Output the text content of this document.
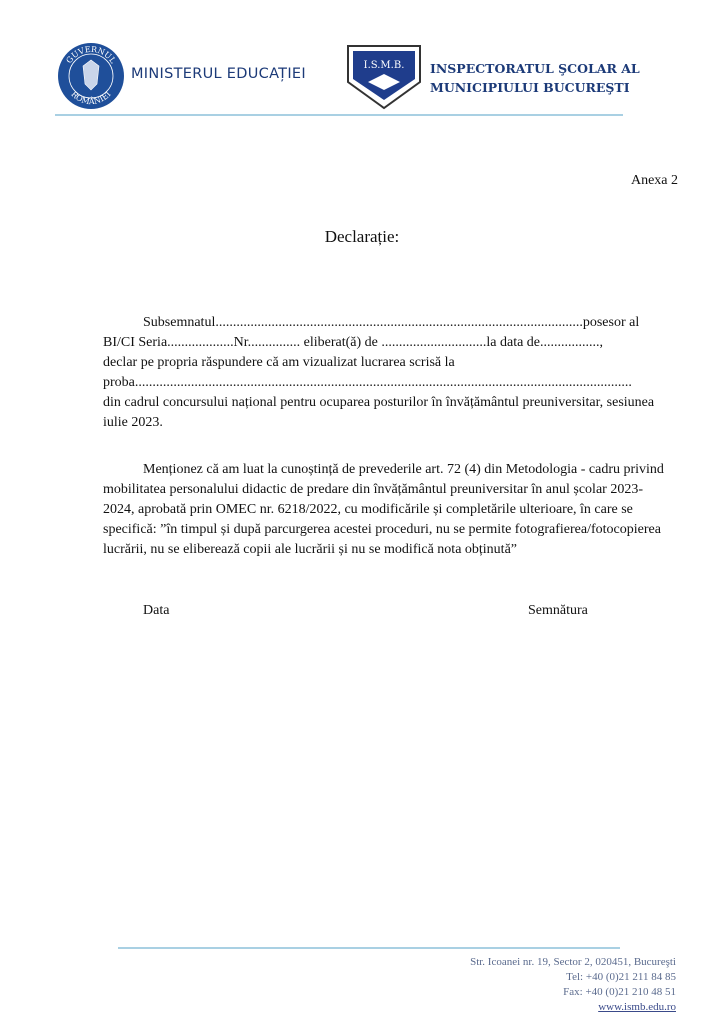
GUVERNUL
ROMÂNIEI
MINISTERUL EDUCAȚIEI
I.S.M.B. INSPECTORATUL ŞCOLAR AL
MUNICIPIULUI BUCUREŞTI
Anexa 2
Declarație:
Subsemnatul.........................................................................................................posesor al
BI/CI Seria...................Nr............... eliberat(ă) de ..............................la data de.................,
declar pe propria răspundere că am vizualizat lucrarea scrisă la
proba..............................................................................................................................................
din cadrul concursului național pentru ocuparea posturilor în învățământul preuniversitar, sesiunea
iulie 2023.
Menționez că am luat la cunoștință de prevederile art. 72 (4) din Metodologia - cadru privind
mobilitatea personalului didactic de predare din învățământul preuniversitar în anul școlar 2023-
2024, aprobată prin OMEC nr. 6218/2022, cu modificările și completările ulterioare, în care se
specifică: ”în timpul și după parcurgerea acestei proceduri, nu se permite fotografierea/fotocopierea
lucrării, nu se eliberează copii ale lucrării și nu se modifică nota obținută”
Data	Semnătura
Str. Icoanei nr. 19, Sector 2, 020451, Bucureşti
Tel: +40 (0)21 211 84 85
Fax: +40 (0)21 210 48 51
www.ismb.edu.ro
